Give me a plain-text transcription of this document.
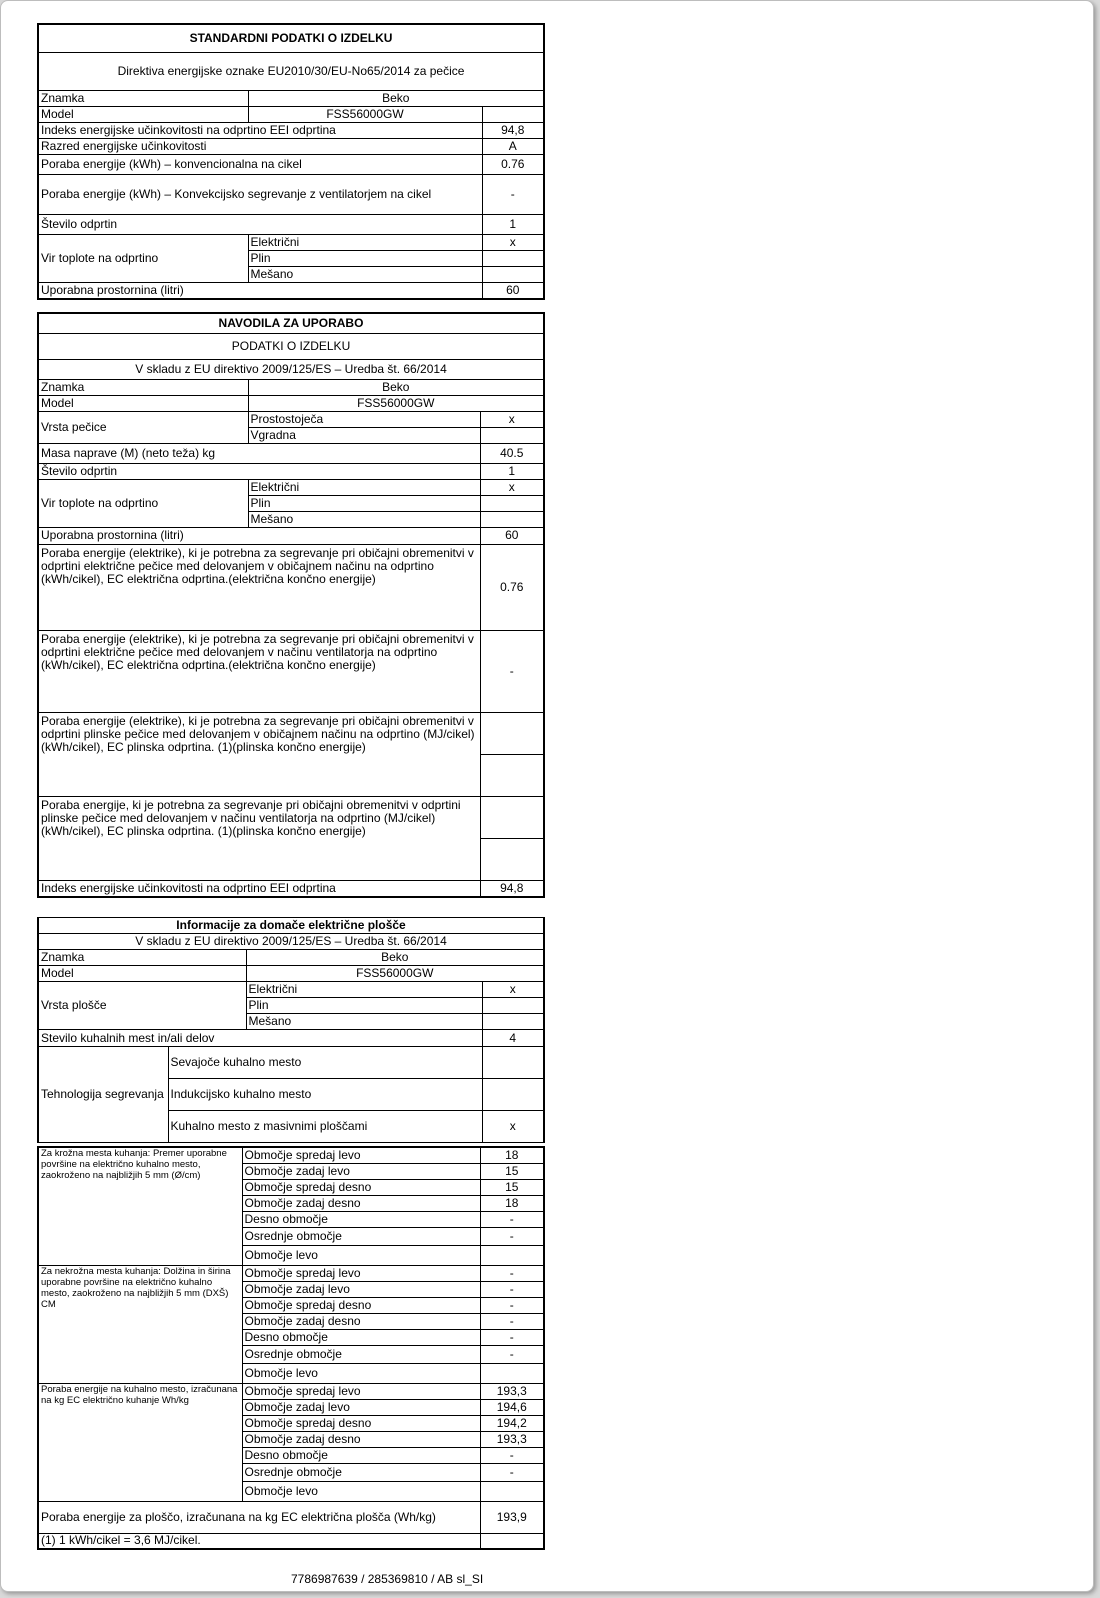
STANDARDNI PODATKI O IZDELKU		
Direktiva energijske oznake EU2010/30/EU-No65/2014 za pečice		
Znamka	Beko	
Model	FSS56000GW	
Indeks energijske učinkovitosti na odprtino EEI odprtina		94,8
Razred energijske učinkovitosti		A
Poraba energije (kWh) – konvencionalna na cikel		0.76
Poraba energije (kWh) – Konvekcijsko segrevanje z ventilatorjem na cikel		-
Število odprtin		1
Vir toplote na odprtino	Električni	x
	Plin	
	Mešano	
Uporabna prostornina (litri)		60
NAVODILA ZA UPORABO		
PODATKI O IZDELKU		
V skladu z EU direktivo 2009/125/ES – Uredba št. 66/2014		
Znamka	Beko	
Model	FSS56000GW	
Vrsta pečice	Prostostoječa	x
	Vgradna	
Masa naprave (M) (neto teža) kg		40.5
Število odprtin		1
Vir toplote na odprtino	Električni	x
	Plin	
	Mešano	
Uporabna prostornina (litri)		60
Poraba energije (elektrike), ki je potrebna za segrevanje pri običajni obremenitvi v odprtini električne pečice med delovanjem v običajnem načinu na odprtino (kWh/cikel), EC električna odprtina.(električna končno energije)		0.76
Poraba energije (elektrike), ki je potrebna za segrevanje pri običajni obremenitvi v odprtini električne pečice med delovanjem v načinu ventilatorja na odprtino (kWh/cikel), EC električna odprtina.(električna končno energije)		-
Poraba energije (elektrike), ki je potrebna za segrevanje pri običajni obremenitvi v odprtini plinske pečice med delovanjem v običajnem načinu na odprtino (MJ/cikel) (kWh/cikel), EC plinska odprtina. (1)(plinska končno energije)		

Poraba energije, ki je potrebna za segrevanje pri običajni obremenitvi v odprtini plinske pečice med delovanjem v načinu ventilatorja na odprtino (MJ/cikel) (kWh/cikel), EC plinska odprtina. (1)(plinska končno energije)		

Indeks energijske učinkovitosti na odprtino EEI odprtina		94,8
Informacije za domače električne plošče			
V skladu z EU direktivo 2009/125/ES – Uredba št. 66/2014			
Znamka		Beko	
Model		FSS56000GW	
Vrsta plošče		Električni	x
		Plin	
		Mešano	
Stevilo kuhalnih mest in/ali delov			4
Tehnologija segrevanja	Sevajoče kuhalno mesto		
	Indukcijsko kuhalno mesto		
	Kuhalno mesto z masivnimi ploščami		x
Za krožna mesta kuhanja: Premer uporabne površine na električno kuhalno mesto, zaokroženo na najbližjih 5 mm (Ø/cm)	Območje spredaj levo	18
	Območje zadaj levo	15
	Območje spredaj desno	15
	Območje zadaj desno	18
	Desno območje	-
	Osrednje območje	-
	Območje levo	
Za nekrožna mesta kuhanja: Dolžina in širina uporabne površine na električno kuhalno mesto, zaokroženo na najbližjih 5 mm (DXŠ) CM	Območje spredaj levo	-
	Območje zadaj levo	-
	Območje spredaj desno	-
	Območje zadaj desno	-
	Desno območje	-
	Osrednje območje	-
	Območje levo	
Poraba energije na kuhalno mesto, izračunana na kg EC električno kuhanje Wh/kg	Območje spredaj levo	193,3
	Območje zadaj levo	194,6
	Območje spredaj desno	194,2
	Območje zadaj desno	193,3
	Desno območje	-
	Osrednje območje	-
	Območje levo	
Poraba energije za ploščo, izračunana na kg EC električna plošča (Wh/kg)		193,9
(1) 1 kWh/cikel = 3,6 MJ/cikel.		
7786987639 / 285369810 / AB sl_SI
